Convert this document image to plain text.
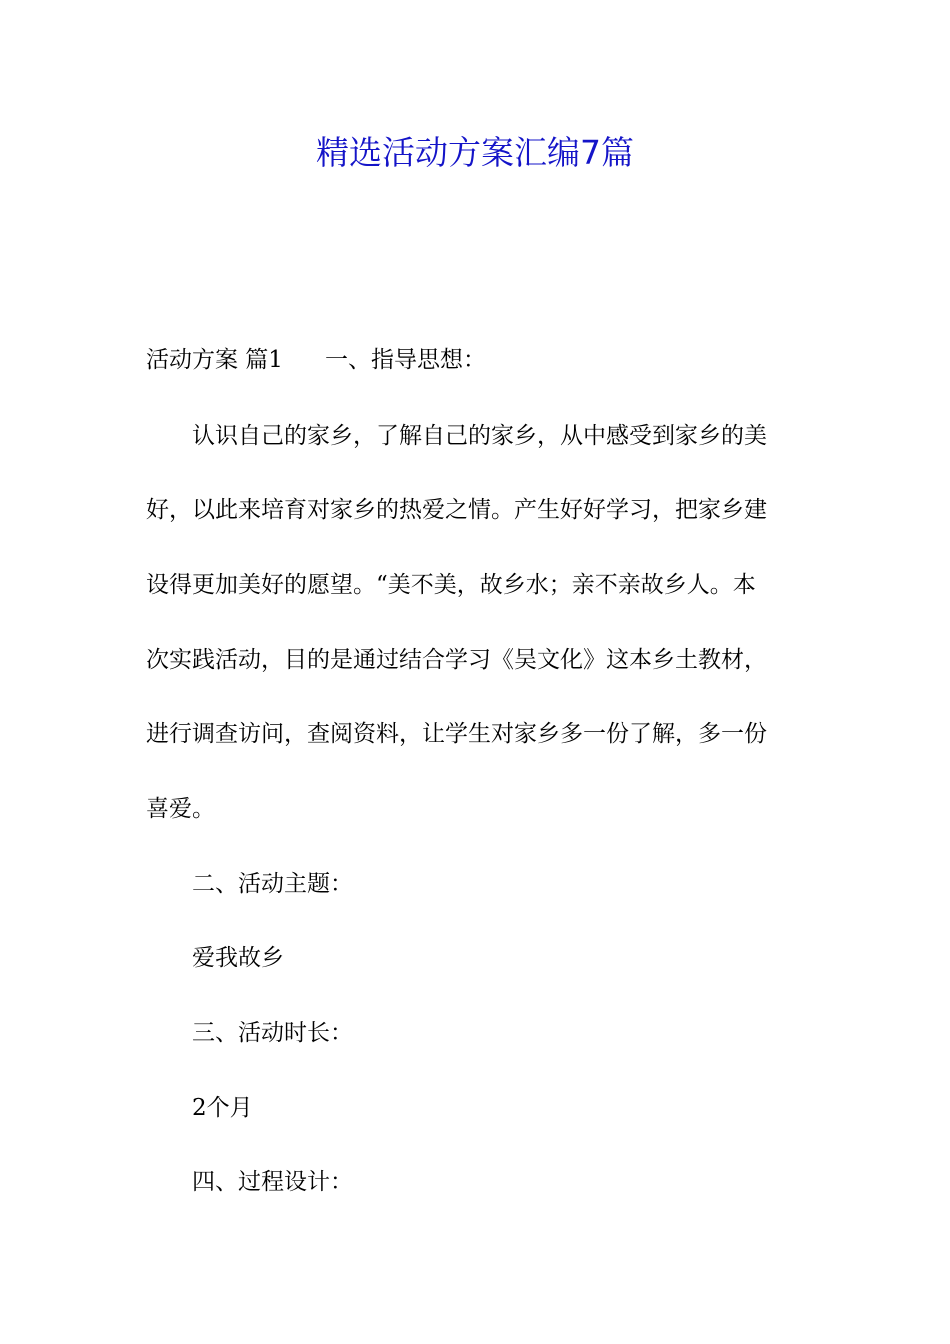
精选活动方案汇编7篇

活动方案 篇1 一、指导思想：

认识自己的家乡，了解自己的家乡，从中感受到家乡的美

好，以此来培育对家乡的热爱之情。产生好好学习，把家乡建

设得更加美好的愿望。“美不美，故乡水；亲不亲故乡人。本

次实践活动，目的是通过结合学习《吴文化》这本乡土教材，

进行调查访问，查阅资料，让学生对家乡多一份了解，多一份

喜爱。

二、活动主题：

爱我故乡

三、活动时长：

2个月

四、过程设计：
